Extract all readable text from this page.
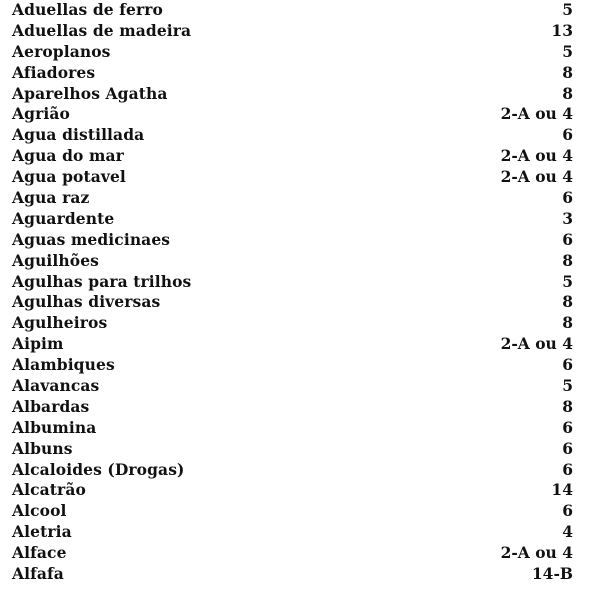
Aduellas de ferro	5
Aduellas de madeira	13
Aeroplanos	5
Afiadores	8
Aparelhos Agatha	8
Agrião	2-A ou 4
Agua distillada	6
Agua do mar	2-A ou 4
Agua potavel	2-A ou 4
Agua raz	6
Aguardente	3
Aguas medicinaes	6
Aguilhões	8
Agulhas para trilhos	5
Agulhas diversas	8
Agulheiros	8
Aipim	2-A ou 4
Alambiques	6
Alavancas	5
Albardas	8
Albumina	6
Albuns	6
Alcaloides (Drogas)	6
Alcatrão	14
Alcool	6
Aletria	4
Alface	2-A ou 4
Alfafa	14-B
